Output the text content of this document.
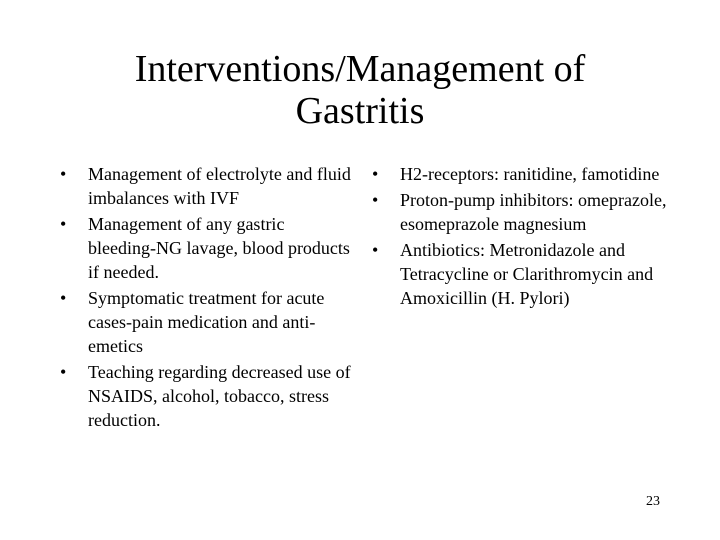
Interventions/Management of
Gastritis
• Management of electrolyte and fluid imbalances with IVF
• Management of any gastric bleeding-NG lavage, blood products if needed.
• Symptomatic treatment for acute cases-pain medication and anti-emetics
• Teaching regarding decreased use of NSAIDS, alcohol, tobacco, stress reduction.
• H2-receptors: ranitidine, famotidine
• Proton-pump inhibitors: omeprazole, esomeprazole magnesium
• Antibiotics: Metronidazole and Tetracycline or Clarithromycin and Amoxicillin (H. Pylori)
23
